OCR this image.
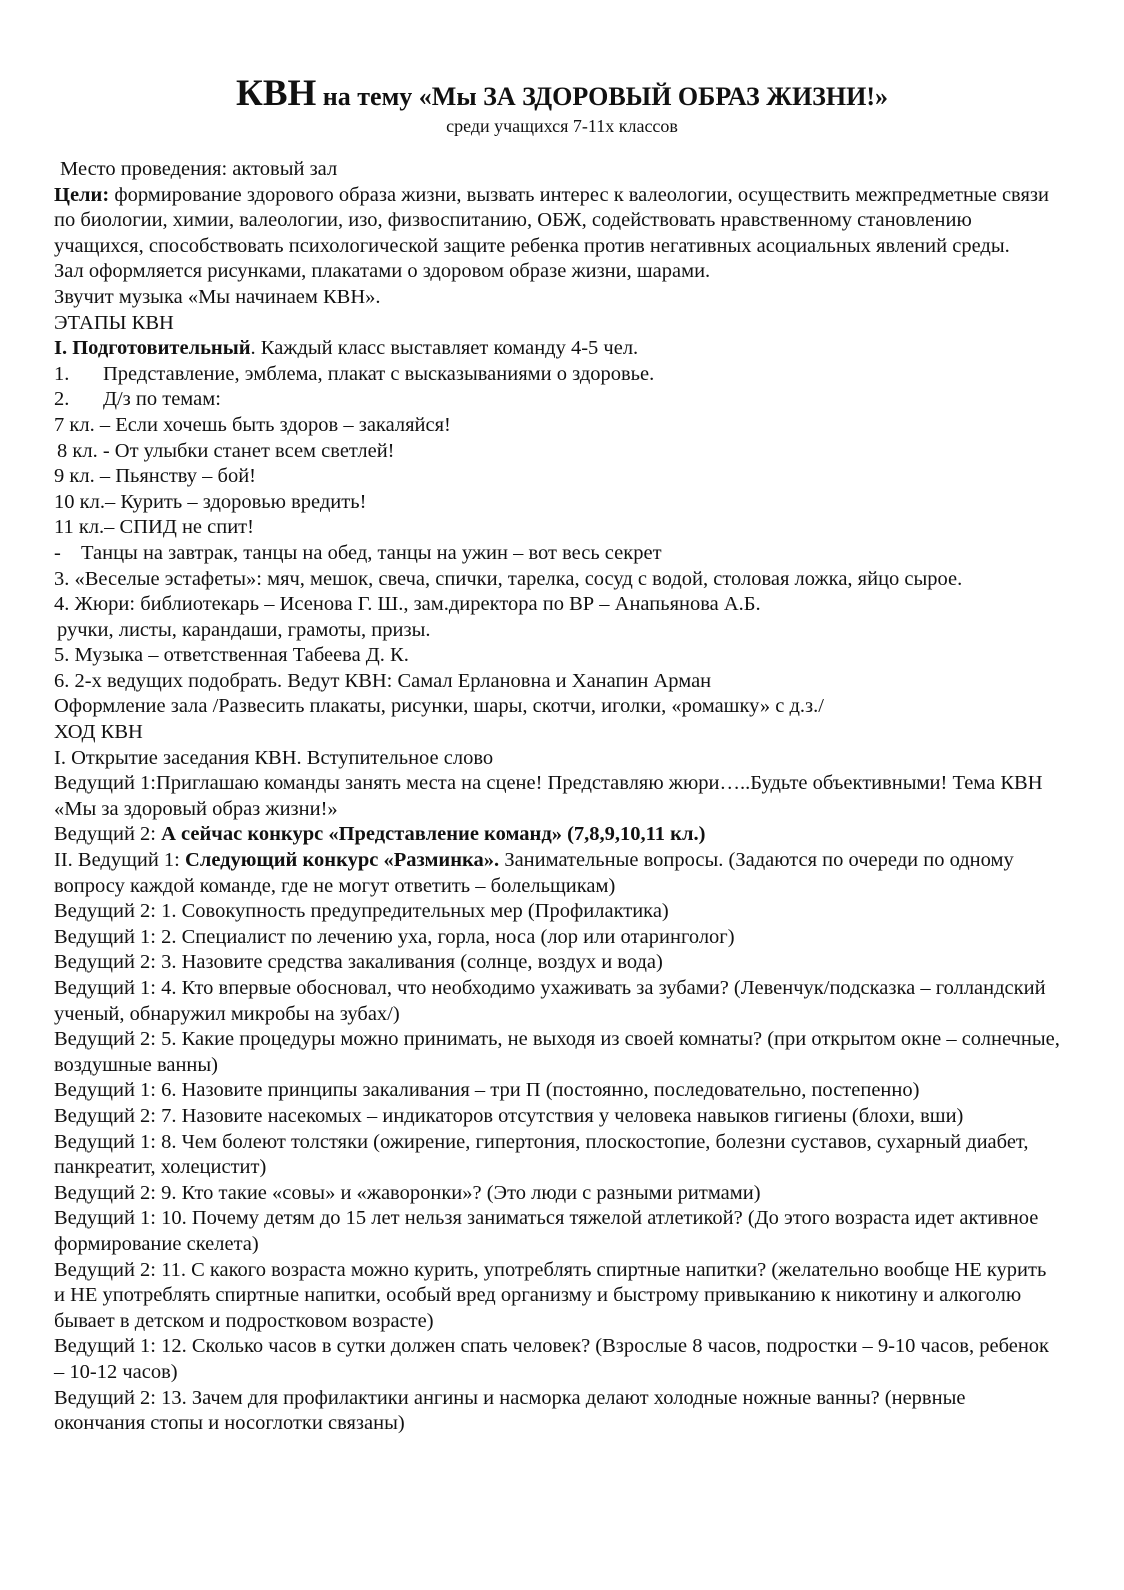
КВН на тему «Мы ЗА ЗДОРОВЫЙ ОБРАЗ ЖИЗНИ!»
среди учащихся 7-11х классов

Место проведения: актовый зал

Цели: формирование здорового образа жизни, вызвать интерес к валеологии, осуществить межпредметные связи по биологии, химии, валеологии, изо, физвоспитанию, ОБЖ, содействовать нравственному становлению учащихся, способствовать психологической защите ребенка против негативных асоциальных явлений среды.

Зал оформляется рисунками, плакатами о здоровом образе жизни, шарами.

Звучит музыка «Мы начинаем КВН».

ЭТАПЫ КВН

I. Подготовительный. Каждый класс выставляет команду 4-5 чел.

1. Представление, эмблема, плакат с высказываниями о здоровье.

2. Д/з по темам:

7 кл. – Если хочешь быть здоров – закаляйся!

8 кл. - От улыбки станет всем светлей!

9 кл. – Пьянству – бой!

10 кл.– Курить – здоровью вредить!

11 кл.– СПИД не спит!

- Танцы на завтрак, танцы на обед, танцы на ужин – вот весь секрет

3. «Веселые эстафеты»: мяч, мешок, свеча, спички, тарелка, сосуд с водой, столовая ложка, яйцо сырое.

4. Жюри: библиотекарь – Исенова Г. Ш., зам.директора по ВР – Анапьянова А.Б.

ручки, листы, карандаши, грамоты, призы.

5. Музыка – ответственная Табеева Д. К.

6. 2-х ведущих подобрать. Ведут КВН: Самал Ерлановна и Ханапин Арман

Оформление зала /Развесить плакаты, рисунки, шары, скотчи, иголки, «ромашку» с д.з./

ХОД КВН

I. Открытие заседания КВН. Вступительное слово

Ведущий 1:Приглашаю команды занять места на сцене! Представляю жюри…..Будьте объективными! Тема КВН «Мы за здоровый образ жизни!»

Ведущий 2: А сейчас конкурс «Представление команд» (7,8,9,10,11 кл.)

II. Ведущий 1: Следующий конкурс «Разминка». Занимательные вопросы. (Задаются по очереди по одному вопросу каждой команде, где не могут ответить – болельщикам)

Ведущий 2: 1. Совокупность предупредительных мер (Профилактика)

Ведущий 1: 2. Специалист по лечению уха, горла, носа (лор или отаринголог)

Ведущий 2: 3. Назовите средства закаливания (солнце, воздух и вода)

Ведущий 1: 4. Кто впервые обосновал, что необходимо ухаживать за зубами? (Левенчук/подсказка – голландский ученый, обнаружил микробы на зубах/)

Ведущий 2: 5. Какие процедуры можно принимать, не выходя из своей комнаты? (при открытом окне – солнечные, воздушные ванны)

Ведущий 1: 6. Назовите принципы закаливания – три П (постоянно, последовательно, постепенно)

Ведущий 2: 7. Назовите насекомых – индикаторов отсутствия у человека навыков гигиены (блохи, вши)

Ведущий 1: 8. Чем болеют толстяки (ожирение, гипертония, плоскостопие, болезни суставов, сухарный диабет, панкреатит, холецистит)

Ведущий 2: 9. Кто такие «совы» и «жаворонки»? (Это люди с разными ритмами)

Ведущий 1: 10. Почему детям до 15 лет нельзя заниматься тяжелой атлетикой? (До этого возраста идет активное формирование скелета)

Ведущий 2: 11. С какого возраста можно курить, употреблять спиртные напитки? (желательно вообще НЕ курить и НЕ употреблять спиртные напитки, особый вред организму и быстрому привыканию к никотину и алкоголю бывает в детском и подростковом возрасте)

Ведущий 1: 12. Сколько часов в сутки должен спать человек? (Взрослые 8 часов, подростки – 9-10 часов, ребенок – 10-12 часов)

Ведущий 2: 13. Зачем для профилактики ангины и насморка делают холодные ножные ванны? (нервные окончания стопы и носоглотки связаны)
